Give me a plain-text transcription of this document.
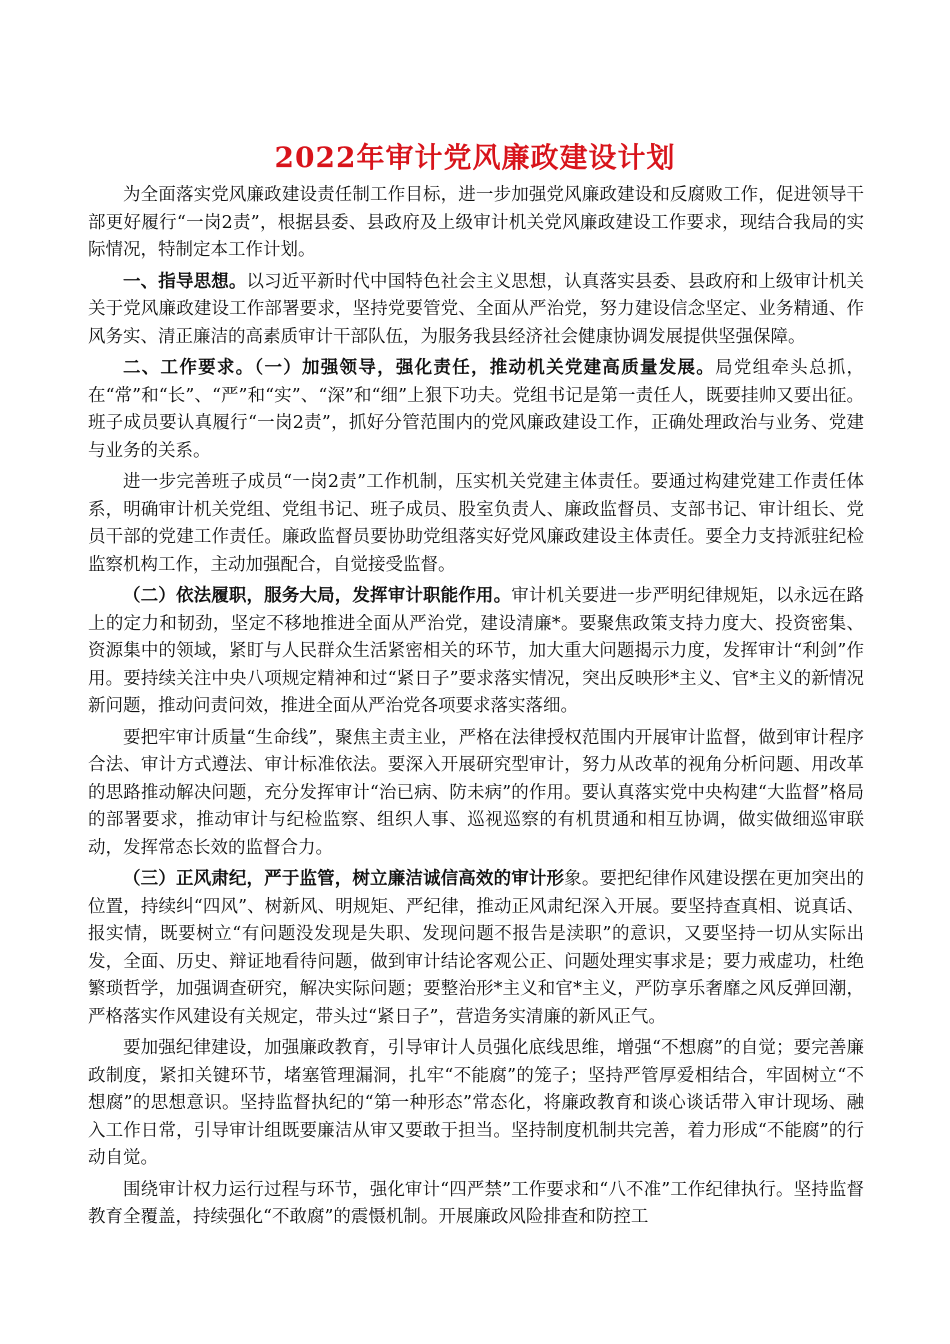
2022年审计党风廉政建设计划

为全面落实党风廉政建设责任制工作目标，进一步加强党风廉政建设和反腐败工作，促进领导干部更好履行“一岗2责”，根据县委、县政府及上级审计机关党风廉政建设工作要求，现结合我局的实际情况，特制定本工作计划。

一、指导思想。以习近平新时代中国特色社会主义思想，认真落实县委、县政府和上级审计机关关于党风廉政建设工作部署要求，坚持党要管党、全面从严治党，努力建设信念坚定、业务精通、作风务实、清正廉洁的高素质审计干部队伍，为服务我县经济社会健康协调发展提供坚强保障。

二、工作要求。（一）加强领导，强化责任，推动机关党建高质量发展。局党组牵头总抓，在“常”和“长”、“严”和“实”、“深”和“细”上狠下功夫。党组书记是第一责任人，既要挂帅又要出征。班子成员要认真履行“一岗2责”，抓好分管范围内的党风廉政建设工作，正确处理政治与业务、党建与业务的关系。

进一步完善班子成员“一岗2责”工作机制，压实机关党建主体责任。要通过构建党建工作责任体系，明确审计机关党组、党组书记、班子成员、股室负责人、廉政监督员、支部书记、审计组长、党员干部的党建工作责任。廉政监督员要协助党组落实好党风廉政建设主体责任。要全力支持派驻纪检监察机构工作，主动加强配合，自觉接受监督。

（二）依法履职，服务大局，发挥审计职能作用。审计机关要进一步严明纪律规矩，以永远在路上的定力和韧劲，坚定不移地推进全面从严治党，建设清廉*。要聚焦政策支持力度大、投资密集、资源集中的领域，紧盯与人民群众生活紧密相关的环节，加大重大问题揭示力度，发挥审计“利剑”作用。要持续关注中央八项规定精神和过“紧日子”要求落实情况，突出反映形*主义、官*主义的新情况新问题，推动问责问效，推进全面从严治党各项要求落实落细。

要把牢审计质量“生命线”，聚焦主责主业，严格在法律授权范围内开展审计监督，做到审计程序合法、审计方式遵法、审计标准依法。要深入开展研究型审计，努力从改革的视角分析问题、用改革的思路推动解决问题，充分发挥审计“治已病、防未病”的作用。要认真落实党中央构建“大监督”格局的部署要求，推动审计与纪检监察、组织人事、巡视巡察的有机贯通和相互协调，做实做细巡审联动，发挥常态长效的监督合力。

（三）正风肃纪，严于监管，树立廉洁诚信高效的审计形象。要把纪律作风建设摆在更加突出的位置，持续纠“四风”、树新风、明规矩、严纪律，推动正风肃纪深入开展。要坚持查真相、说真话、报实情，既要树立“有问题没发现是失职、发现问题不报告是渎职”的意识，又要坚持一切从实际出发，全面、历史、辩证地看待问题，做到审计结论客观公正、问题处理实事求是；要力戒虚功，杜绝繁琐哲学，加强调查研究，解决实际问题；要整治形*主义和官*主义，严防享乐奢靡之风反弹回潮，严格落实作风建设有关规定，带头过“紧日子”，营造务实清廉的新风正气。

要加强纪律建设，加强廉政教育，引导审计人员强化底线思维，增强“不想腐”的自觉；要完善廉政制度，紧扣关键环节，堵塞管理漏洞，扎牢“不能腐”的笼子；坚持严管厚爱相结合，牢固树立“不想腐”的思想意识。坚持监督执纪的“第一种形态”常态化，将廉政教育和谈心谈话带入审计现场、融入工作日常，引导审计组既要廉洁从审又要敢于担当。坚持制度机制共完善，着力形成“不能腐”的行动自觉。

围绕审计权力运行过程与环节，强化审计“四严禁”工作要求和“八不准”工作纪律执行。坚持监督教育全覆盖，持续强化“不敢腐”的震慑机制。开展廉政风险排查和防控工
